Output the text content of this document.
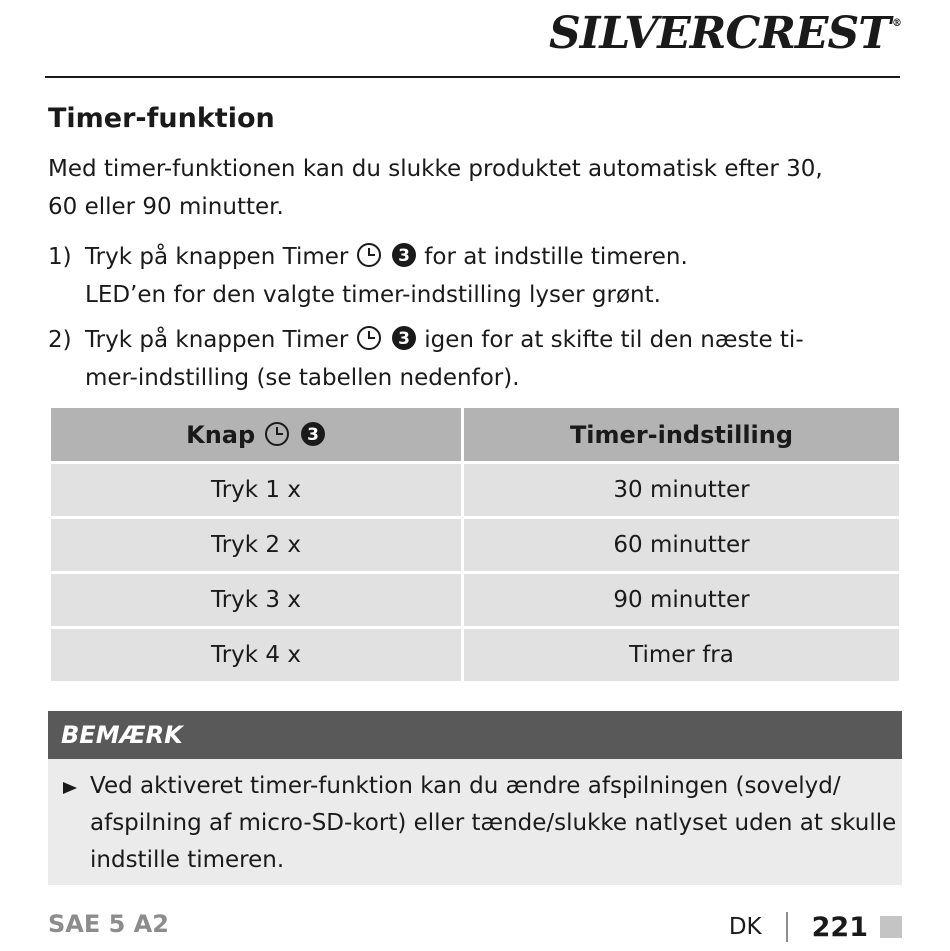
SILVERCREST ®
Timer-funktion

Med timer-funktionen kan du slukke produktet automatisk efter 30,
60 eller 90 minutter.

1) Tryk på knappen Timer	3 for at indstille timeren.
LED’en for den valgte timer-indstilling lyser grønt.
2) Tryk på knappen Timer	3 igen for at skifte til den næste ti-
mer-indstilling (se tabellen nedenfor).
Knap 3	Timer-indstilling
Tryk 1 x	30 minutter
Tryk 2 x	60 minutter
Tryk 3 x	90 minutter
Tryk 4 x	Timer fra
BEMÆRK
Ved aktiveret timer-funktion kan du ændre afspilningen (sovelyd/
afspilning af micro-SD-kort) eller tænde/slukke natlyset uden at skulle
indstille timeren.
SAE 5 A2	DK 221
